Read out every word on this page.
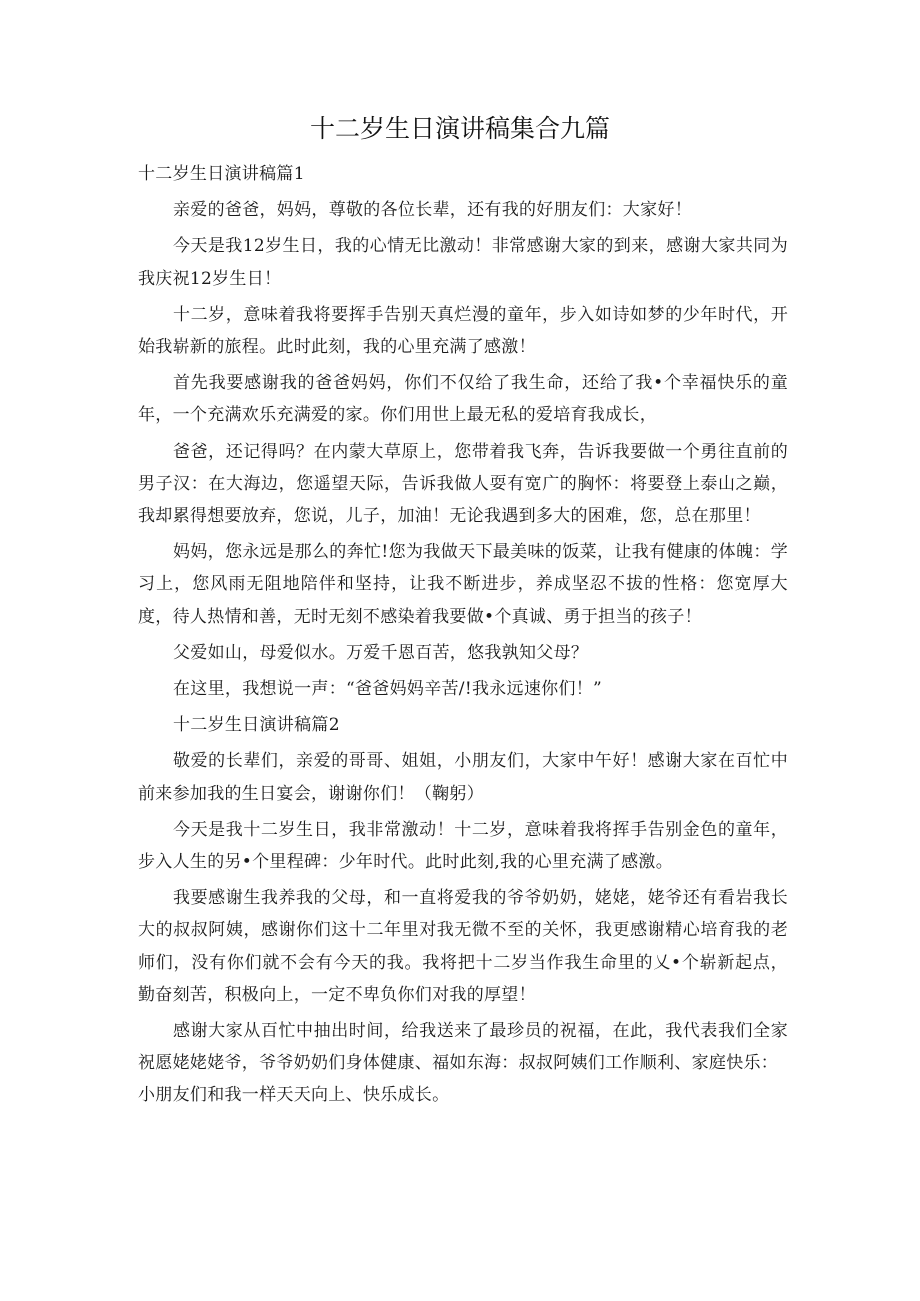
十二岁生日演讲稿集合九篇

十二岁生日演讲稿篇1

亲爱的爸爸，妈妈，尊敬的各位长辈，还有我的好朋友们：大家好！

今天是我12岁生日，我的心情无比激动！非常感谢大家的到来，感谢大家共同为我庆祝12岁生日！

十二岁，意味着我将要挥手告别天真烂漫的童年，步入如诗如梦的少年时代，开始我崭新的旅程。此时此刻，我的心里充满了感激！

首先我要感谢我的爸爸妈妈，你们不仅给了我生命，还给了我•个幸福快乐的童年，一个充满欢乐充满爱的家。你们用世上最无私的爱培育我成长，

爸爸，还记得吗？在内蒙大草原上，您带着我飞奔，告诉我要做一个勇往直前的男子汉：在大海边，您遥望天际，告诉我做人耍有宽广的胸怀：将要登上泰山之巅，我却累得想要放弃，您说，儿子，加油！无论我遇到多大的困难，您，总在那里！

妈妈，您永远是那么的奔忙!您为我做天下最美味的饭菜，让我有健康的体魄：学习上，您风雨无阻地陪伴和坚持，让我不断进步，养成坚忍不拔的性格：您宽厚大度，待人热情和善，无时无刻不感染着我要做•个真诚、勇于担当的孩子！

父爱如山，母爱似水。万爱千恩百苦，悠我孰知父母？

在这里，我想说一声：“爸爸妈妈辛苦/!我永远速你们！”

十二岁生日演讲稿篇2

敬爱的长辈们，亲爱的哥哥、姐姐，小朋友们，大家中午好！感谢大家在百忙中前来参加我的生日宴会，谢谢你们！（鞠躬）

今天是我十二岁生日，我非常激动！十二岁，意味着我将挥手告别金色的童年，步入人生的另•个里程碑：少年时代。此时此刻,我的心里充满了感激。

我要感谢生我养我的父母，和一直将爱我的爷爷奶奶，姥姥，姥爷还有看岩我长大的叔叔阿姨，感谢你们这十二年里对我无微不至的关怀，我更感谢精心培育我的老师们，没有你们就不会有今天的我。我将把十二岁当作我生命里的乂•个崭新起点，勤奋刻苦，积极向上，一定不卑负你们对我的厚望！

感谢大家从百忙中抽出时间，给我送来了最珍员的祝福，在此，我代表我们全家祝愿姥姥姥爷，爷爷奶奶们身体健康、福如东海：叔叔阿姨们工作顺利、家庭快乐：

小朋友们和我一样天天向上、快乐成长。
